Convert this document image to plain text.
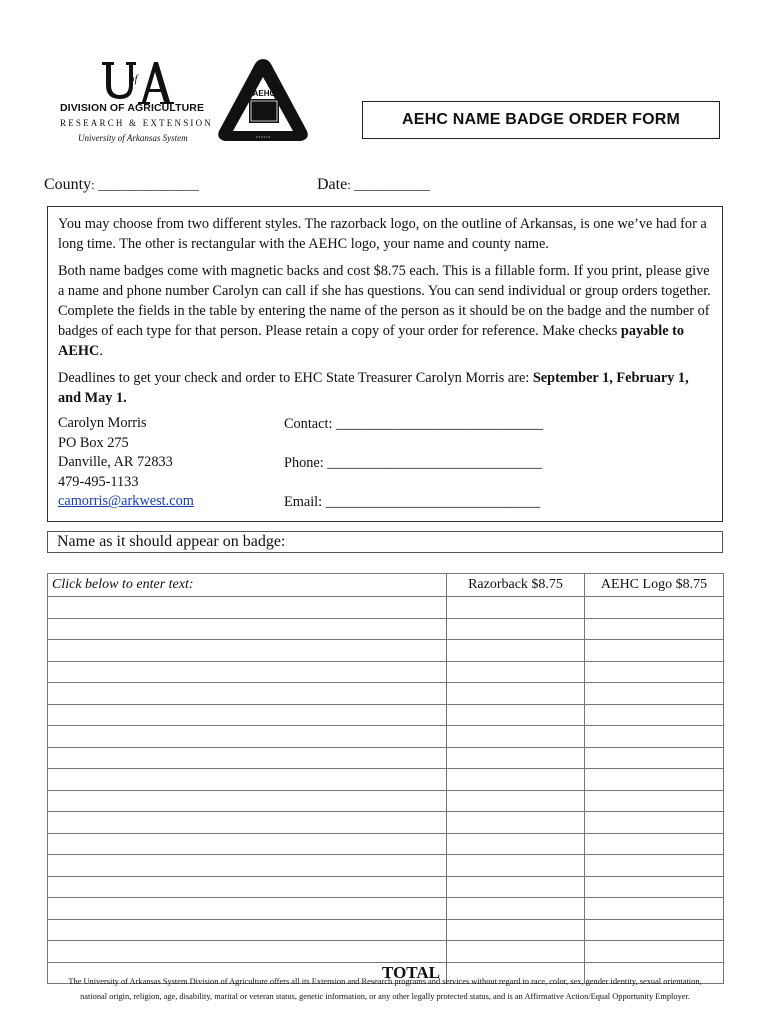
of
DIVISION OF AGRICULTURE
RESEARCH & EXTENSION
University of Arkansas System
AEHC
• • • • • •
AEHC NAME BADGE ORDER FORM
County: ________________	Date: ____________

You may choose from two different styles. The razorback logo, on the outline of Arkansas, is one we’ve had for a long time. The other is rectangular with the AEHC logo, your name and county name.

Both name badges come with magnetic backs and cost $8.75 each. This is a fillable form. If you print, please give a name and phone number Carolyn can call if she has questions. You can send individual or group orders together. Complete the fields in the table by entering the name of the person as it should be on the badge and the number of badges of each type for that person. Please retain a copy of your order for reference. Make checks payable to AEHC.

Deadlines to get your check and order to EHC State Treasurer Carolyn Morris are: September 1, February 1, and May 1.

Carolyn Morris
PO Box 275
Danville, AR 72833
479-495-1133
camorris@arkwest.com
Contact: _____________________________
Phone: ______________________________
Email: ______________________________
Name as it should appear on badge:
Click below to enter text:	Razorback $8.75	AEHC Logo $8.75

TOTAL		
The University of Arkansas System Division of Agriculture offers all its Extension and Research programs and services without regard to race, color, sex, gender identity, sexual orientation,
national origin, religion, age, disability, marital or veteran status, genetic information, or any other legally protected status, and is an Affirmative Action/Equal Opportunity Employer.
